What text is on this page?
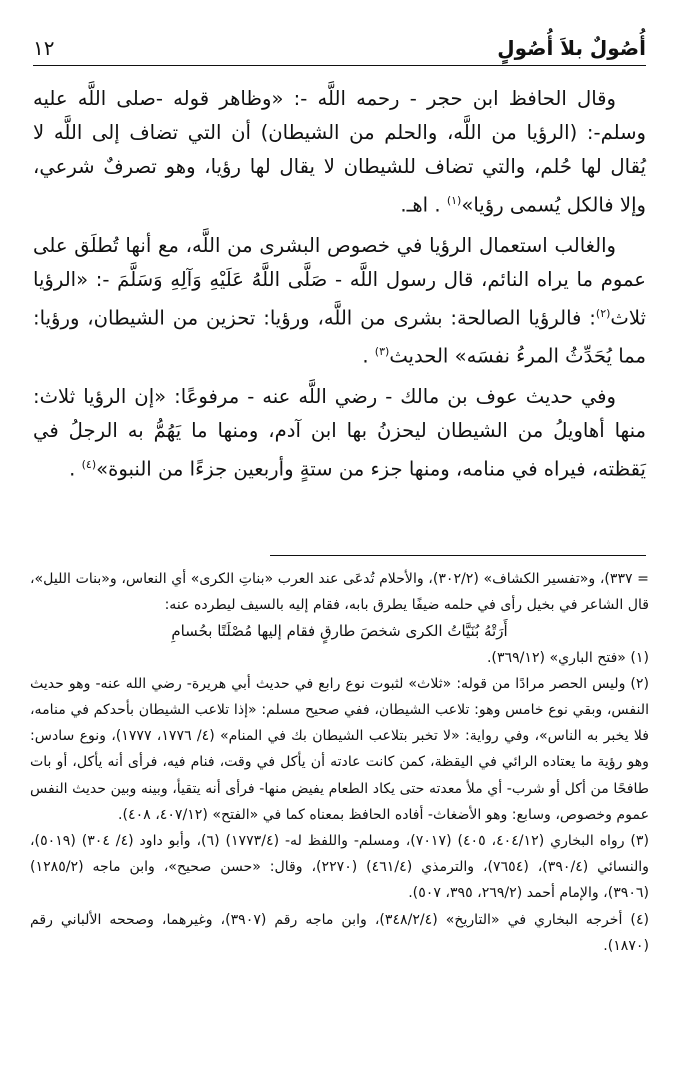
أُصُولٌ بلاَ أُصُولٍ
١٢

وقال الحافظ ابن حجر - رحمه اللَّه -: «وظاهر قوله -صلى اللَّه عليه وسلم-: (الرؤيا من اللَّه، والحلم من الشيطان) أن التي تضاف إلى اللَّه لا يُقال لها حُلم، والتي تضاف للشيطان لا يقال لها رؤيا، وهو تصرفٌ شرعي، وإلا فالكل يُسمى رؤيا»$^{(١)}$ . اهـ.

والغالب استعمال الرؤيا في خصوص البشرى من اللَّه، مع أنها تُطلَق على عموم ما يراه النائم، قال رسول اللَّه - صَلَّى اللَّهُ عَلَيْهِ وَآلِهِ وَسَلَّمَ -: «الرؤيا ثلاث$^{(٢)}$: فالرؤيا الصالحة: بشرى من اللَّه، ورؤيا: تحزين من الشيطان، ورؤيا: مما يُحَدِّثُ المرءُ نفسَه» الحديث$^{(٣)}$ .

وفي حديث عوف بن مالك - رضي اللَّه عنه - مرفوعًا: «إن الرؤيا ثلاث: منها أهاويلُ من الشيطان ليحزنُ بها ابن آدم، ومنها ما يَهُمُّ به الرجلُ في يَقظته، فيراه في منامه، ومنها جزء من ستةٍ وأربعين جزءًا من النبوة»$^{(٤)}$ .

= ٣٣٧)، و«تفسير الكشاف» (٣٠٢/٢)، والأحلام تُدعَى عند العرب «بناتِ الكرى» أي النعاس، و«بنات الليل»، قال الشاعر في بخيل رأى في حلمه ضيفًا يطرق بابه، فقام إليه بالسيف ليطرده عنه:

أَرَتْهُ بُنَيَّاتُ الكرى شخصَ طارقٍ فقام إليها مُصْلَتًا بحُسامِ

(١) «فتح الباري» (٣٦٩/١٢).

(٢) وليس الحصر مرادًا من قوله: «ثلاث» لثبوت نوع رابع في حديث أبي هريرة- رضي الله عنه- وهو حديث النفس، وبقي نوع خامس وهو: تلاعب الشيطان، ففي صحيح مسلم: «إذا تلاعب الشيطان بأحدكم في منامه، فلا يخبر به الناس»، وفي رواية: «لا تخبر بتلاعب الشيطان بك في المنام» (٤/ ١٧٧٦، ١٧٧٧)، ونوع سادس: وهو رؤية ما يعتاده الرائي في اليقظة، كمن كانت عادته أن يأكل في وقت، فنام فيه، فرأى أنه يأكل، أو بات طافحًا من أكل أو شرب- أي ملأ معدته حتى يكاد الطعام يفيض منها- فرأى أنه يتقيأ، وبينه وبين حديث النفس عموم وخصوص، وسابع: وهو الأضغاث- أفاده الحافظ بمعناه كما في «الفتح» (٤٠٧/١٢، ٤٠٨).

(٣) رواه البخاري (٤٠٤/١٢، ٤٠٥) (٧٠١٧)، ومسلم- واللفظ له- (١٧٧٣/٤) (٦)، وأبو داود (٤/ ٣٠٤) (٥٠١٩)، والنسائي (٣٩٠/٤)، (٧٦٥٤)، والترمذي (٤٦١/٤) (٢٢٧٠)، وقال: «حسن صحيح»، وابن ماجه (١٢٨٥/٢) (٣٩٠٦)، والإمام أحمد (٢٦٩/٢، ٣٩٥، ٥٠٧).

(٤) أخرجه البخاري في «التاريخ» (٣٤٨/٢/٤)، وابن ماجه رقم (٣٩٠٧)، وغيرهما، وصححه الألباني رقم (١٨٧٠).
